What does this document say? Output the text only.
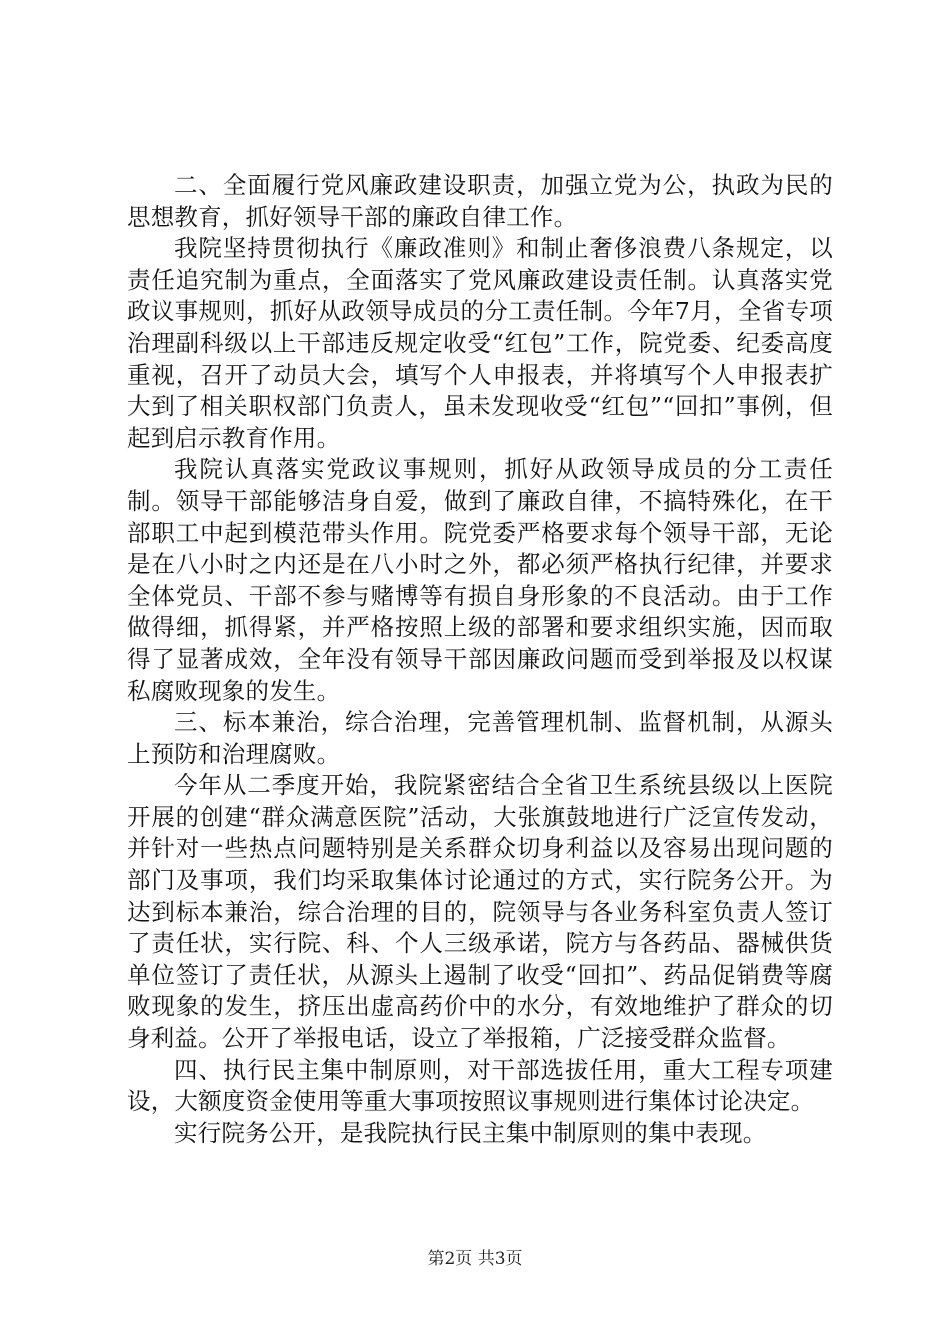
二、全面履行党风廉政建设职责，加强立党为公，执政为民的思想教育，抓好领导干部的廉政自律工作。

我院坚持贯彻执行《廉政准则》和制止奢侈浪费八条规定，以责任追究制为重点，全面落实了党风廉政建设责任制。认真落实党政议事规则，抓好从政领导成员的分工责任制。今年7月，全省专项治理副科级以上干部违反规定收受“红包”工作，院党委、纪委高度重视，召开了动员大会，填写个人申报表，并将填写个人申报表扩大到了相关职权部门负责人，虽未发现收受“红包”“回扣”事例，但起到启示教育作用。

我院认真落实党政议事规则，抓好从政领导成员的分工责任制。领导干部能够洁身自爱，做到了廉政自律，不搞特殊化，在干部职工中起到模范带头作用。院党委严格要求每个领导干部，无论是在八小时之内还是在八小时之外，都必须严格执行纪律，并要求全体党员、干部不参与赌博等有损自身形象的不良活动。由于工作做得细，抓得紧，并严格按照上级的部署和要求组织实施，因而取得了显著成效，全年没有领导干部因廉政问题而受到举报及以权谋私腐败现象的发生。

三、标本兼治，综合治理，完善管理机制、监督机制，从源头上预防和治理腐败。

今年从二季度开始，我院紧密结合全省卫生系统县级以上医院开展的创建“群众满意医院”活动，大张旗鼓地进行广泛宣传发动，并针对一些热点问题特别是关系群众切身利益以及容易出现问题的部门及事项，我们均采取集体讨论通过的方式，实行院务公开。为达到标本兼治，综合治理的目的，院领导与各业务科室负责人签订了责任状，实行院、科、个人三级承诺，院方与各药品、器械供货单位签订了责任状，从源头上遏制了收受“回扣”、药品促销费等腐败现象的发生，挤压出虚高药价中的水分，有效地维护了群众的切身利益。公开了举报电话，设立了举报箱，广泛接受群众监督。

四、执行民主集中制原则，对干部选拔任用，重大工程专项建设，大额度资金使用等重大事项按照议事规则进行集体讨论决定。

实行院务公开，是我院执行民主集中制原则的集中表现。

第2页 共3页
